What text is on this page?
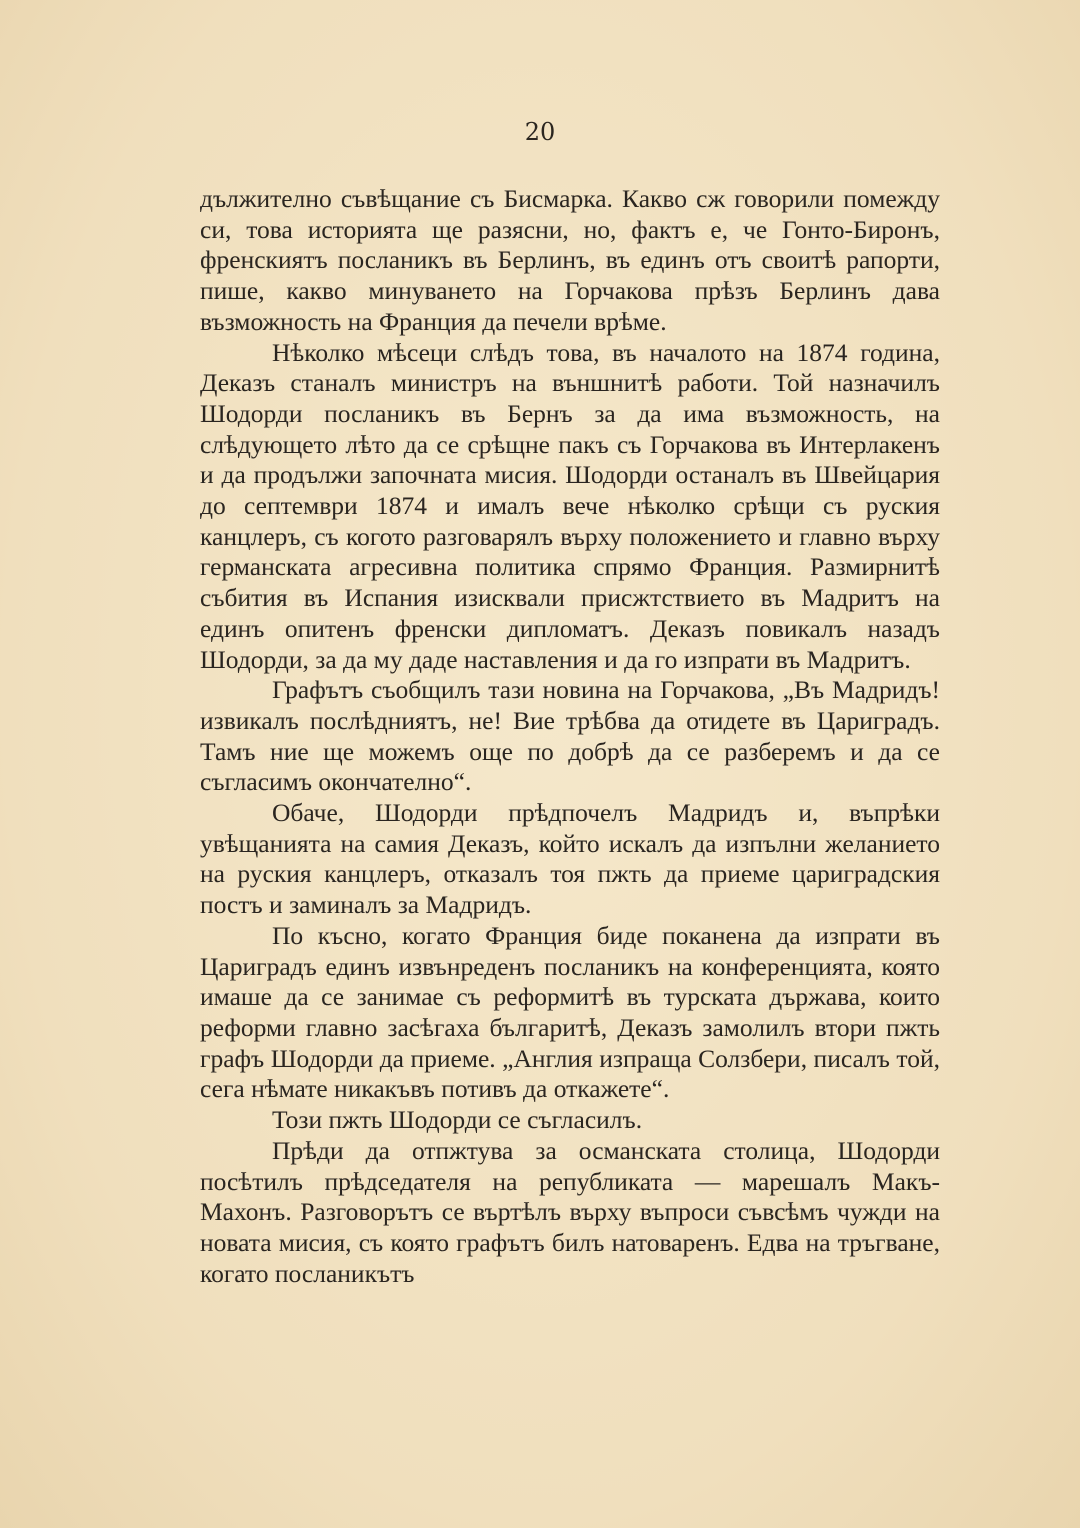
20

дължително съвѣщание съ Бисмарка. Какво сж говорили помежду си, това историята ще разясни, но, фактъ е, че Гонто-Биронъ, френскиятъ посланикъ въ Берлинъ, въ единъ отъ своитѣ рапорти, пише, какво минуването на Горчакова прѣзъ Берлинъ дава възможность на Франция да печели врѣме.

Нѣколко мѣсеци слѣдъ това, въ началото на 1874 година, Деказъ станалъ министръ на външнитѣ работи. Той назначилъ Шодорди посланикъ въ Бернъ за да има възможность, на слѣдующето лѣто да се срѣщне пакъ съ Горчакова въ Интерлакенъ и да продължи започната мисия. Шодорди останалъ въ Швейцария до септември 1874 и ималъ вече нѣколко срѣщи съ руския канцлеръ, съ когото разговарялъ върху положението и главно върху германската агресивна политика спрямо Франция. Размирнитѣ събития въ Испания изисквали присжтствието въ Мадритъ на единъ опитенъ френски дипломатъ. Деказъ повикалъ назадъ Шодорди, за да му даде наставления и да го изпрати въ Мадритъ.

Графътъ съобщилъ тази новина на Горчакова, „Въ Мадридъ! извикалъ послѣдниятъ, не! Вие трѣбва да отидете въ Цариградъ. Тамъ ние ще можемъ още по добрѣ да се разберемъ и да се съгласимъ окончателно“.

Обаче, Шодорди прѣдпочелъ Мадридъ и, въпрѣки увѣщанията на самия Деказъ, който искалъ да изпълни желанието на руския канцлеръ, отказалъ тоя пжть да приеме цариградския постъ и заминалъ за Мадридъ.

По късно, когато Франция биде поканена да изпрати въ Цариградъ единъ извънреденъ посланикъ на конференцията, която имаше да се занимае съ реформитѣ въ турската държава, които реформи главно засѣгаха българитѣ, Деказъ замолилъ втори пжть графъ Шодорди да приеме. „Англия изпраща Солзбери, писалъ той, сега нѣмате никакъвъ потивъ да откажете“.

Този пжть Шодорди се съгласилъ.

Прѣди да отпжтува за османската столица, Шодорди посѣтилъ прѣдседателя на републиката — марешалъ Макъ-Махонъ. Разговорътъ се въртѣлъ върху въпроси съвсѣмъ чужди на новата мисия, съ която графътъ билъ натоваренъ. Едва на тръгване, когато посланикътъ
